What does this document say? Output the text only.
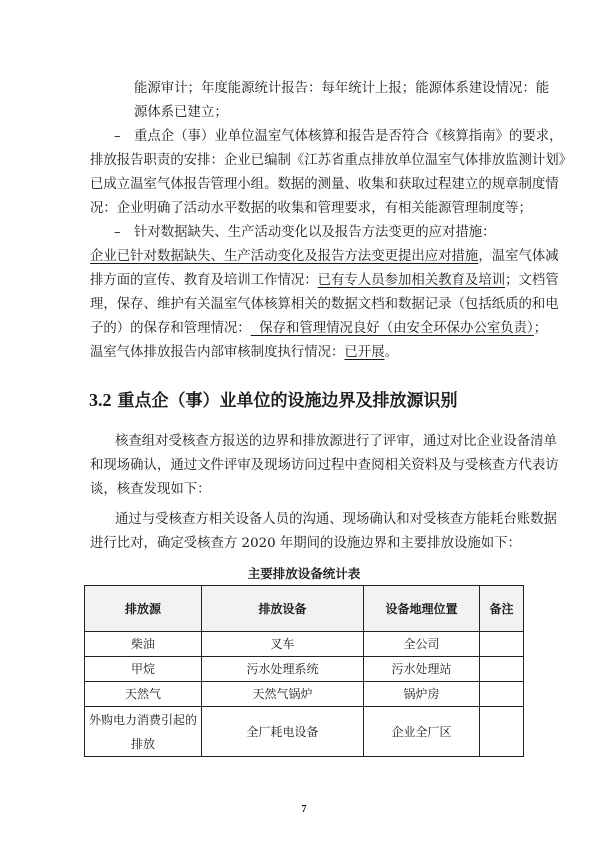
能源审计；年度能源统计报告：每年统计上报；能源体系建设情况：能
源体系已建立；
– 重点企（事）业单位温室气体核算和报告是否符合《核算指南》的要求，
排放报告职责的安排：企业已编制《江苏省重点排放单位温室气体排放监测计划》
已成立温室气体报告管理小组。数据的测量、收集和获取过程建立的规章制度情
况：企业明确了活动水平数据的收集和管理要求，有相关能源管理制度等；
– 针对数据缺失、生产活动变化以及报告方法变更的应对措施：
企业已针对数据缺失、生产活动变化及报告方法变更提出应对措施，温室气体减
排方面的宣传、教育及培训工作情况：已有专人员参加相关教育及培训；文档管
理，保存、维护有关温室气体核算相关的数据文档和数据记录（包括纸质的和电
子的）的保存和管理情况：  保存和管理情况良好（由安全环保办公室负责）；
温室气体排放报告内部审核制度执行情况：已开展。
3.2 重点企（事）业单位的设施边界及排放源识别
核查组对受核查方报送的边界和排放源进行了评审，通过对比企业设备清单
和现场确认，通过文件评审及现场访问过程中查阅相关资料及与受核查方代表访
谈，核查发现如下：
通过与受核查方相关设备人员的沟通、现场确认和对受核查方能耗台账数据
进行比对，确定受核查方 2020 年期间的设施边界和主要排放设施如下：
主要排放设备统计表
排放源	排放设备	设备地理位置	备注
柴油	叉车	全公司	
甲烷	污水处理系统	污水处理站	
天然气	天然气锅炉	锅炉房	
外购电力消费引起的排放	全厂耗电设备	企业全厂区	
7
